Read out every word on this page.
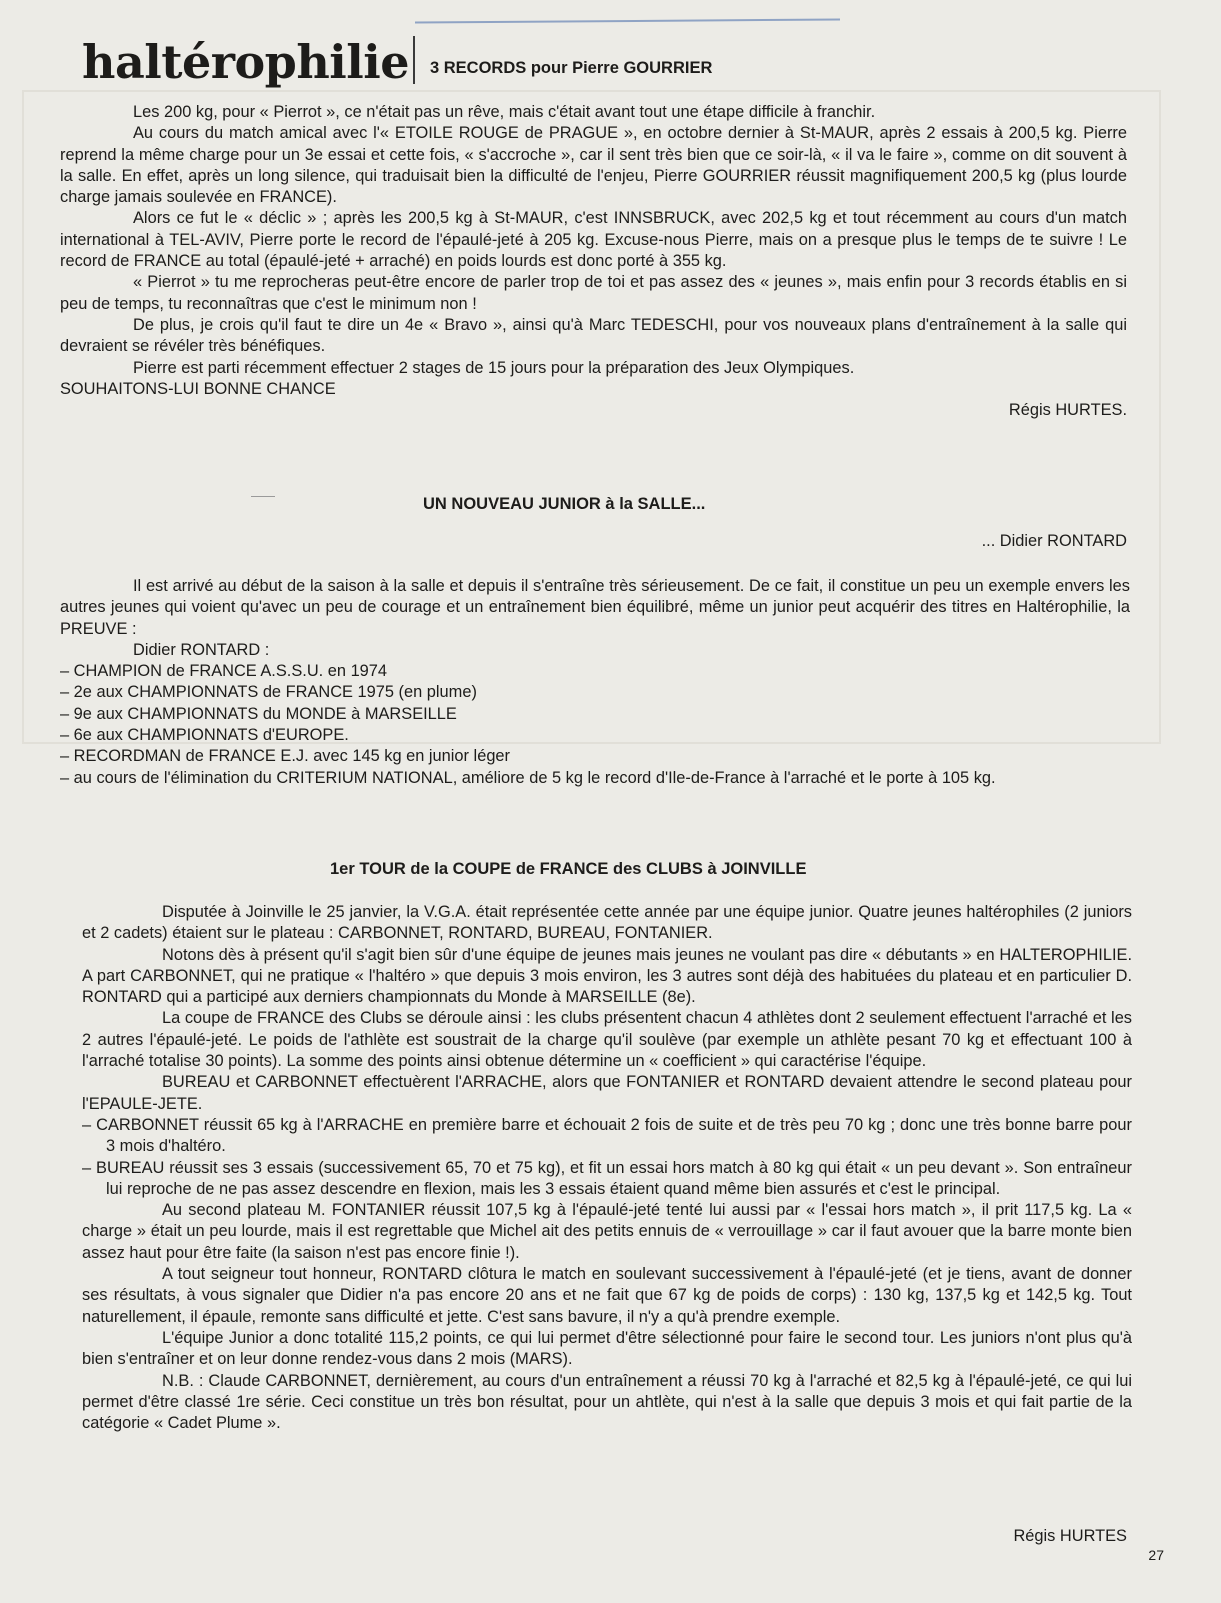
haltérophilie 3 RECORDS pour Pierre GOURRIER

Les 200 kg, pour « Pierrot », ce n'était pas un rêve, mais c'était avant tout une étape difficile à franchir.

Au cours du match amical avec l'« ETOILE ROUGE de PRAGUE », en octobre dernier à St-MAUR, après 2 essais à 200,5 kg. Pierre reprend la même charge pour un 3e essai et cette fois, « s'accroche », car il sent très bien que ce soir-là, « il va le faire », comme on dit souvent à la salle. En effet, après un long silence, qui traduisait bien la difficulté de l'enjeu, Pierre GOURRIER réussit magnifiquement 200,5 kg (plus lourde charge jamais soulevée en FRANCE).

Alors ce fut le « déclic » ; après les 200,5 kg à St-MAUR, c'est INNSBRUCK, avec 202,5 kg et tout récemment au cours d'un match international à TEL-AVIV, Pierre porte le record de l'épaulé-jeté à 205 kg. Excuse-nous Pierre, mais on a presque plus le temps de te suivre ! Le record de FRANCE au total (épaulé-jeté + arraché) en poids lourds est donc porté à 355 kg.

« Pierrot » tu me reprocheras peut-être encore de parler trop de toi et pas assez des « jeunes », mais enfin pour 3 records établis en si peu de temps, tu reconnaîtras que c'est le minimum non !

De plus, je crois qu'il faut te dire un 4e « Bravo », ainsi qu'à Marc TEDESCHI, pour vos nouveaux plans d'entraînement à la salle qui devraient se révéler très bénéfiques.

Pierre est parti récemment effectuer 2 stages de 15 jours pour la préparation des Jeux Olympiques.

SOUHAITONS-LUI BONNE CHANCE

Régis HURTES.

UN NOUVEAU JUNIOR à la SALLE...

... Didier RONTARD

Il est arrivé au début de la saison à la salle et depuis il s'entraîne très sérieusement. De ce fait, il constitue un peu un exemple envers les autres jeunes qui voient qu'avec un peu de courage et un entraînement bien équilibré, même un junior peut acquérir des titres en Haltérophilie, la PREUVE :

Didier RONTARD :

– CHAMPION de FRANCE A.S.S.U. en 1974

– 2e aux CHAMPIONNATS de FRANCE 1975 (en plume)

– 9e aux CHAMPIONNATS du MONDE à MARSEILLE

– 6e aux CHAMPIONNATS d'EUROPE.

– RECORDMAN de FRANCE E.J. avec 145 kg en junior léger

– au cours de l'élimination du CRITERIUM NATIONAL, améliore de 5 kg le record d'Ile-de-France à l'arraché et le porte à 105 kg.

1er TOUR de la COUPE de FRANCE des CLUBS à JOINVILLE

Disputée à Joinville le 25 janvier, la V.G.A. était représentée cette année par une équipe junior. Quatre jeunes haltérophiles (2 juniors et 2 cadets) étaient sur le plateau : CARBONNET, RONTARD, BUREAU, FONTANIER.

Notons dès à présent qu'il s'agit bien sûr d'une équipe de jeunes mais jeunes ne voulant pas dire « débutants » en HALTEROPHILIE. A part CARBONNET, qui ne pratique « l'haltéro » que depuis 3 mois environ, les 3 autres sont déjà des habituées du plateau et en particulier D. RONTARD qui a participé aux derniers championnats du Monde à MARSEILLE (8e).

La coupe de FRANCE des Clubs se déroule ainsi : les clubs présentent chacun 4 athlètes dont 2 seulement effectuent l'arraché et les 2 autres l'épaulé-jeté. Le poids de l'athlète est soustrait de la charge qu'il soulève (par exemple un athlète pesant 70 kg et effectuant 100 à l'arraché totalise 30 points). La somme des points ainsi obtenue détermine un « coefficient » qui caractérise l'équipe.

BUREAU et CARBONNET effectuèrent l'ARRACHE, alors que FONTANIER et RONTARD devaient attendre le second plateau pour l'EPAULE-JETE.

– CARBONNET réussit 65 kg à l'ARRACHE en première barre et échouait 2 fois de suite et de très peu 70 kg ; donc une très bonne barre pour 3 mois d'haltéro.

– BUREAU réussit ses 3 essais (successivement 65, 70 et 75 kg), et fit un essai hors match à 80 kg qui était « un peu devant ». Son entraîneur lui reproche de ne pas assez descendre en flexion, mais les 3 essais étaient quand même bien assurés et c'est le principal.

Au second plateau M. FONTANIER réussit 107,5 kg à l'épaulé-jeté tenté lui aussi par « l'essai hors match », il prit 117,5 kg. La « charge » était un peu lourde, mais il est regrettable que Michel ait des petits ennuis de « verrouillage » car il faut avouer que la barre monte bien assez haut pour être faite (la saison n'est pas encore finie !).

A tout seigneur tout honneur, RONTARD clôtura le match en soulevant successivement à l'épaulé-jeté (et je tiens, avant de donner ses résultats, à vous signaler que Didier n'a pas encore 20 ans et ne fait que 67 kg de poids de corps) : 130 kg, 137,5 kg et 142,5 kg. Tout naturellement, il épaule, remonte sans difficulté et jette. C'est sans bavure, il n'y a qu'à prendre exemple.

L'équipe Junior a donc totalité 115,2 points, ce qui lui permet d'être sélectionné pour faire le second tour. Les juniors n'ont plus qu'à bien s'entraîner et on leur donne rendez-vous dans 2 mois (MARS).

N.B. : Claude CARBONNET, dernièrement, au cours d'un entraînement a réussi 70 kg à l'arraché et 82,5 kg à l'épaulé-jeté, ce qui lui permet d'être classé 1re série. Ceci constitue un très bon résultat, pour un ahtlète, qui n'est à la salle que depuis 3 mois et qui fait partie de la catégorie « Cadet Plume ».

Régis HURTES

27
